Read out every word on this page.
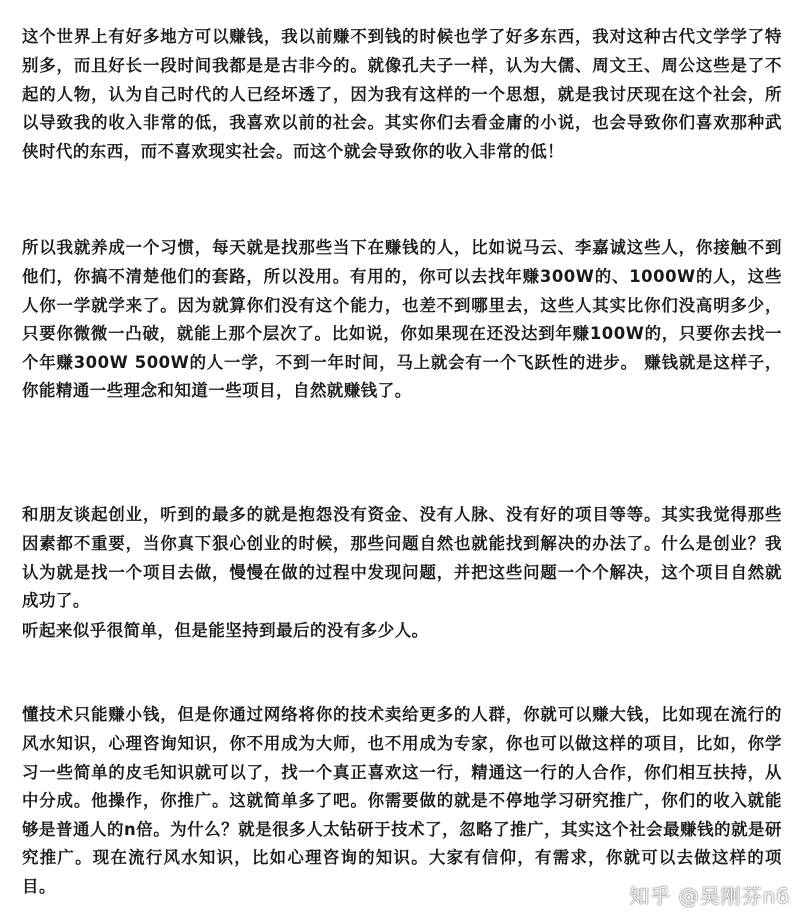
这个世界上有好多地方可以赚钱，我以前赚不到钱的时候也学了好多东西，我对这种古代文学学了特别多，而且好长一段时间我都是是古非今的。就像孔夫子一样，认为大儒、周文王、周公这些是了不起的人物，认为自己时代的人已经坏透了，因为我有这样的一个思想，就是我讨厌现在这个社会，所以导致我的收入非常的低，我喜欢以前的社会。其实你们去看金庸的小说，也会导致你们喜欢那种武侠时代的东西，而不喜欢现实社会。而这个就会导致你的收入非常的低！

所以我就养成一个习惯，每天就是找那些当下在赚钱的人，比如说马云、李嘉诚这些人，你接触不到他们，你搞不清楚他们的套路，所以没用。有用的，你可以去找年赚300W的、1000W的人，这些人你一学就学来了。因为就算你们没有这个能力，也差不到哪里去，这些人其实比你们没高明多少，只要你微微一凸破，就能上那个层次了。比如说，你如果现在还没达到年赚100W的，只要你去找一个年赚300W 500W的人一学，不到一年时间，马上就会有一个飞跃性的进步。 赚钱就是这样子，你能精通一些理念和知道一些项目，自然就赚钱了。

和朋友谈起创业，听到的最多的就是抱怨没有资金、没有人脉、没有好的项目等等。其实我觉得那些因素都不重要，当你真下狠心创业的时候，那些问题自然也就能找到解决的办法了。什么是创业？我认为就是找一个项目去做，慢慢在做的过程中发现问题，并把这些问题一个个解决，这个项目自然就成功了。

听起来似乎很简单，但是能坚持到最后的没有多少人。

懂技术只能赚小钱，但是你通过网络将你的技术卖给更多的人群，你就可以赚大钱，比如现在流行的风水知识，心理咨询知识，你不用成为大师，也不用成为专家，你也可以做这样的项目，比如，你学习一些简单的皮毛知识就可以了，找一个真正喜欢这一行，精通这一行的人合作，你们相互扶持，从中分成。他操作，你推广。这就简单多了吧。你需要做的就是不停地学习研究推广，你们的收入就能够是普通人的n倍。为什么？就是很多人太钻研于技术了，忽略了推广，其实这个社会最赚钱的就是研究推广。现在流行风水知识，比如心理咨询的知识。大家有信仰，有需求，你就可以去做这样的项目。	知乎 @吴刚芬n6
